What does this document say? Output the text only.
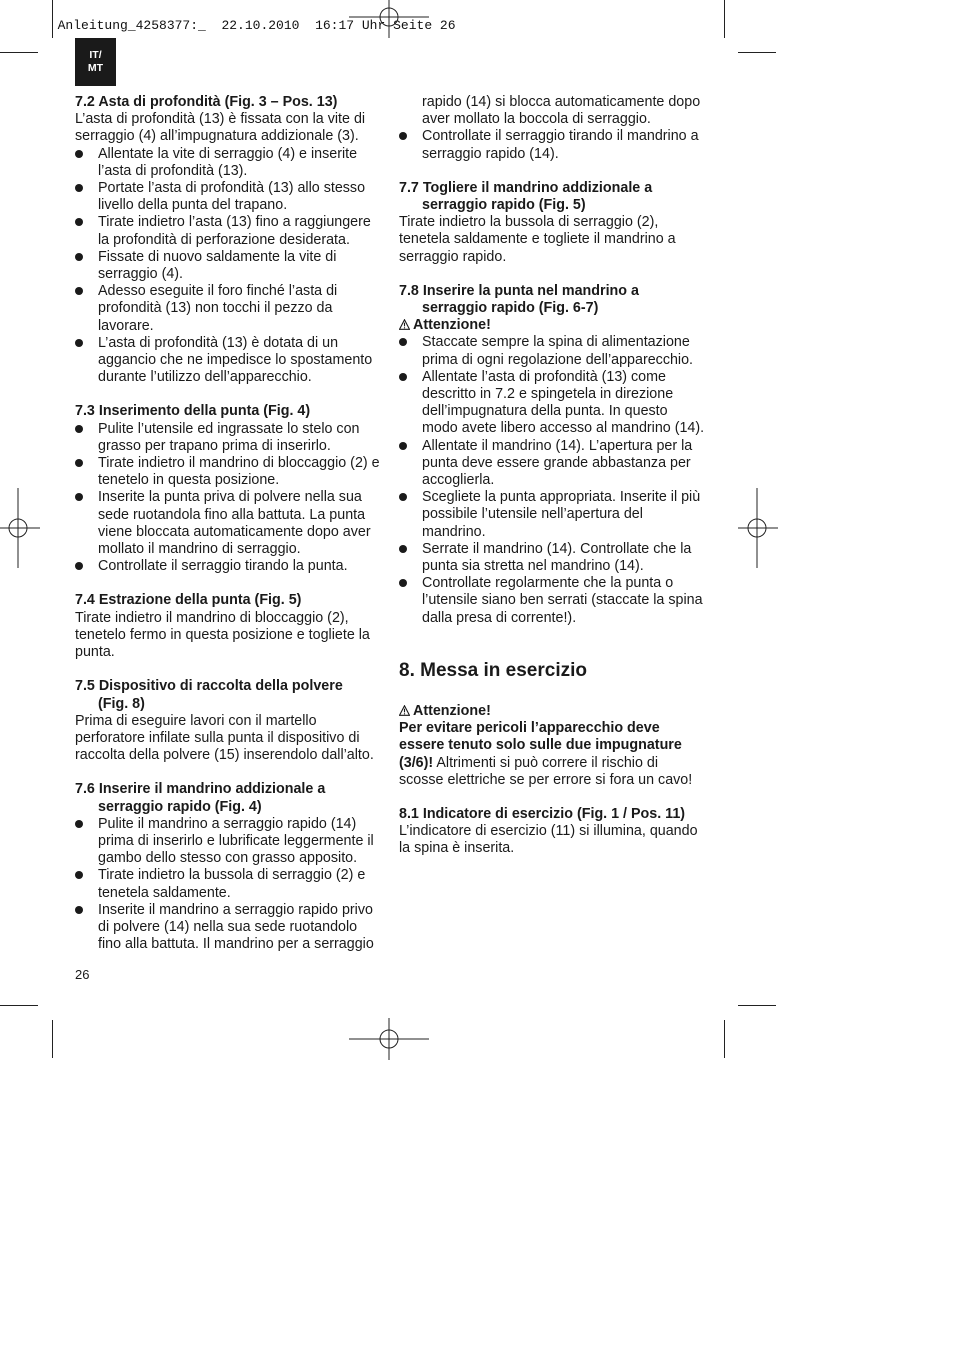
Anleitung_4258377:_ 22.10.2010 16:17 Uhr Seite 26

IT/
MT
7.2 Asta di profondità (Fig. 3 – Pos. 13)

L’asta di profondità (13) è fissata con la vite di serraggio (4) all’impugnatura addizionale (3).

Allentate la vite di serraggio (4) e inserite l’asta di profondità (13).
Portate l’asta di profondità (13) allo stesso livello della punta del trapano.
Tirate indietro l’asta (13) fino a raggiungere la profondità di perforazione desiderata.
Fissate di nuovo saldamente la vite di serraggio (4).
Adesso eseguite il foro finché l’asta di profondità (13) non tocchi il pezzo da lavorare.
L’asta di profondità (13) è dotata di un aggancio che ne impedisce lo spostamento durante l’utilizzo dell’apparecchio.
7.3 Inserimento della punta (Fig. 4)
Pulite l’utensile ed ingrassate lo stelo con grasso per trapano prima di inserirlo.
Tirate indietro il mandrino di bloccaggio (2) e tenetelo in questa posizione.
Inserite la punta priva di polvere nella sua sede ruotandola fino alla battuta. La punta viene bloccata automaticamente dopo aver mollato il mandrino di serraggio.
Controllate il serraggio tirando la punta.
7.4 Estrazione della punta (Fig. 5)

Tirate indietro il mandrino di bloccaggio (2), tenetelo fermo in questa posizione e togliete la punta.

7.5 Dispositivo di raccolta della polvere
(Fig. 8)

Prima di eseguire lavori con il martello perforatore infilate sulla punta il dispositivo di raccolta della polvere (15) inserendolo dall’alto.

7.6 Inserire il mandrino addizionale a
serraggio rapido (Fig. 4)
Pulite il mandrino a serraggio rapido (14) prima di inserirlo e lubrificate leggermente il gambo dello stesso con grasso apposito.
Tirate indietro la bussola di serraggio (2) e tenetela saldamente.
Inserite il mandrino a serraggio rapido privo di polvere (14) nella sua sede ruotandolo fino alla battuta. Il mandrino per a serraggio

rapido (14) si blocca automaticamente dopo aver mollato la boccola di serraggio.

Controllate il serraggio tirando il mandrino a serraggio rapido (14).
7.7 Togliere il mandrino addizionale a
serraggio rapido (Fig. 5)

Tirate indietro la bussola di serraggio (2), tenetela saldamente e togliete il mandrino a serraggio rapido.

7.8 Inserire la punta nel mandrino a
serraggio rapido (Fig. 6-7)

Attenzione!

Staccate sempre la spina di alimentazione prima di ogni regolazione dell’apparecchio.
Allentate l’asta di profondità (13) come descritto in 7.2 e spingetela in direzione dell’impugnatura della punta. In questo modo avete libero accesso al mandrino (14).
Allentate il mandrino (14). L’apertura per la punta deve essere grande abbastanza per accoglierla.
Scegliete la punta appropriata. Inserite il più possibile l’utensile nell’apertura del mandrino.
Serrate il mandrino (14). Controllate che la punta sia stretta nel mandrino (14).
Controllate regolarmente che la punta o l’utensile siano ben serrati (staccate la spina dalla presa di corrente!).
8. Messa in esercizio

Attenzione!

Per evitare pericoli l’apparecchio deve essere tenuto solo sulle due impugnature (3/6)! Altrimenti si può correre il rischio di scosse elettriche se per errore si fora un cavo!

8.1 Indicatore di esercizio (Fig. 1 / Pos. 11)

L’indicatore di esercizio (11) si illumina, quando la spina è inserita.

26
